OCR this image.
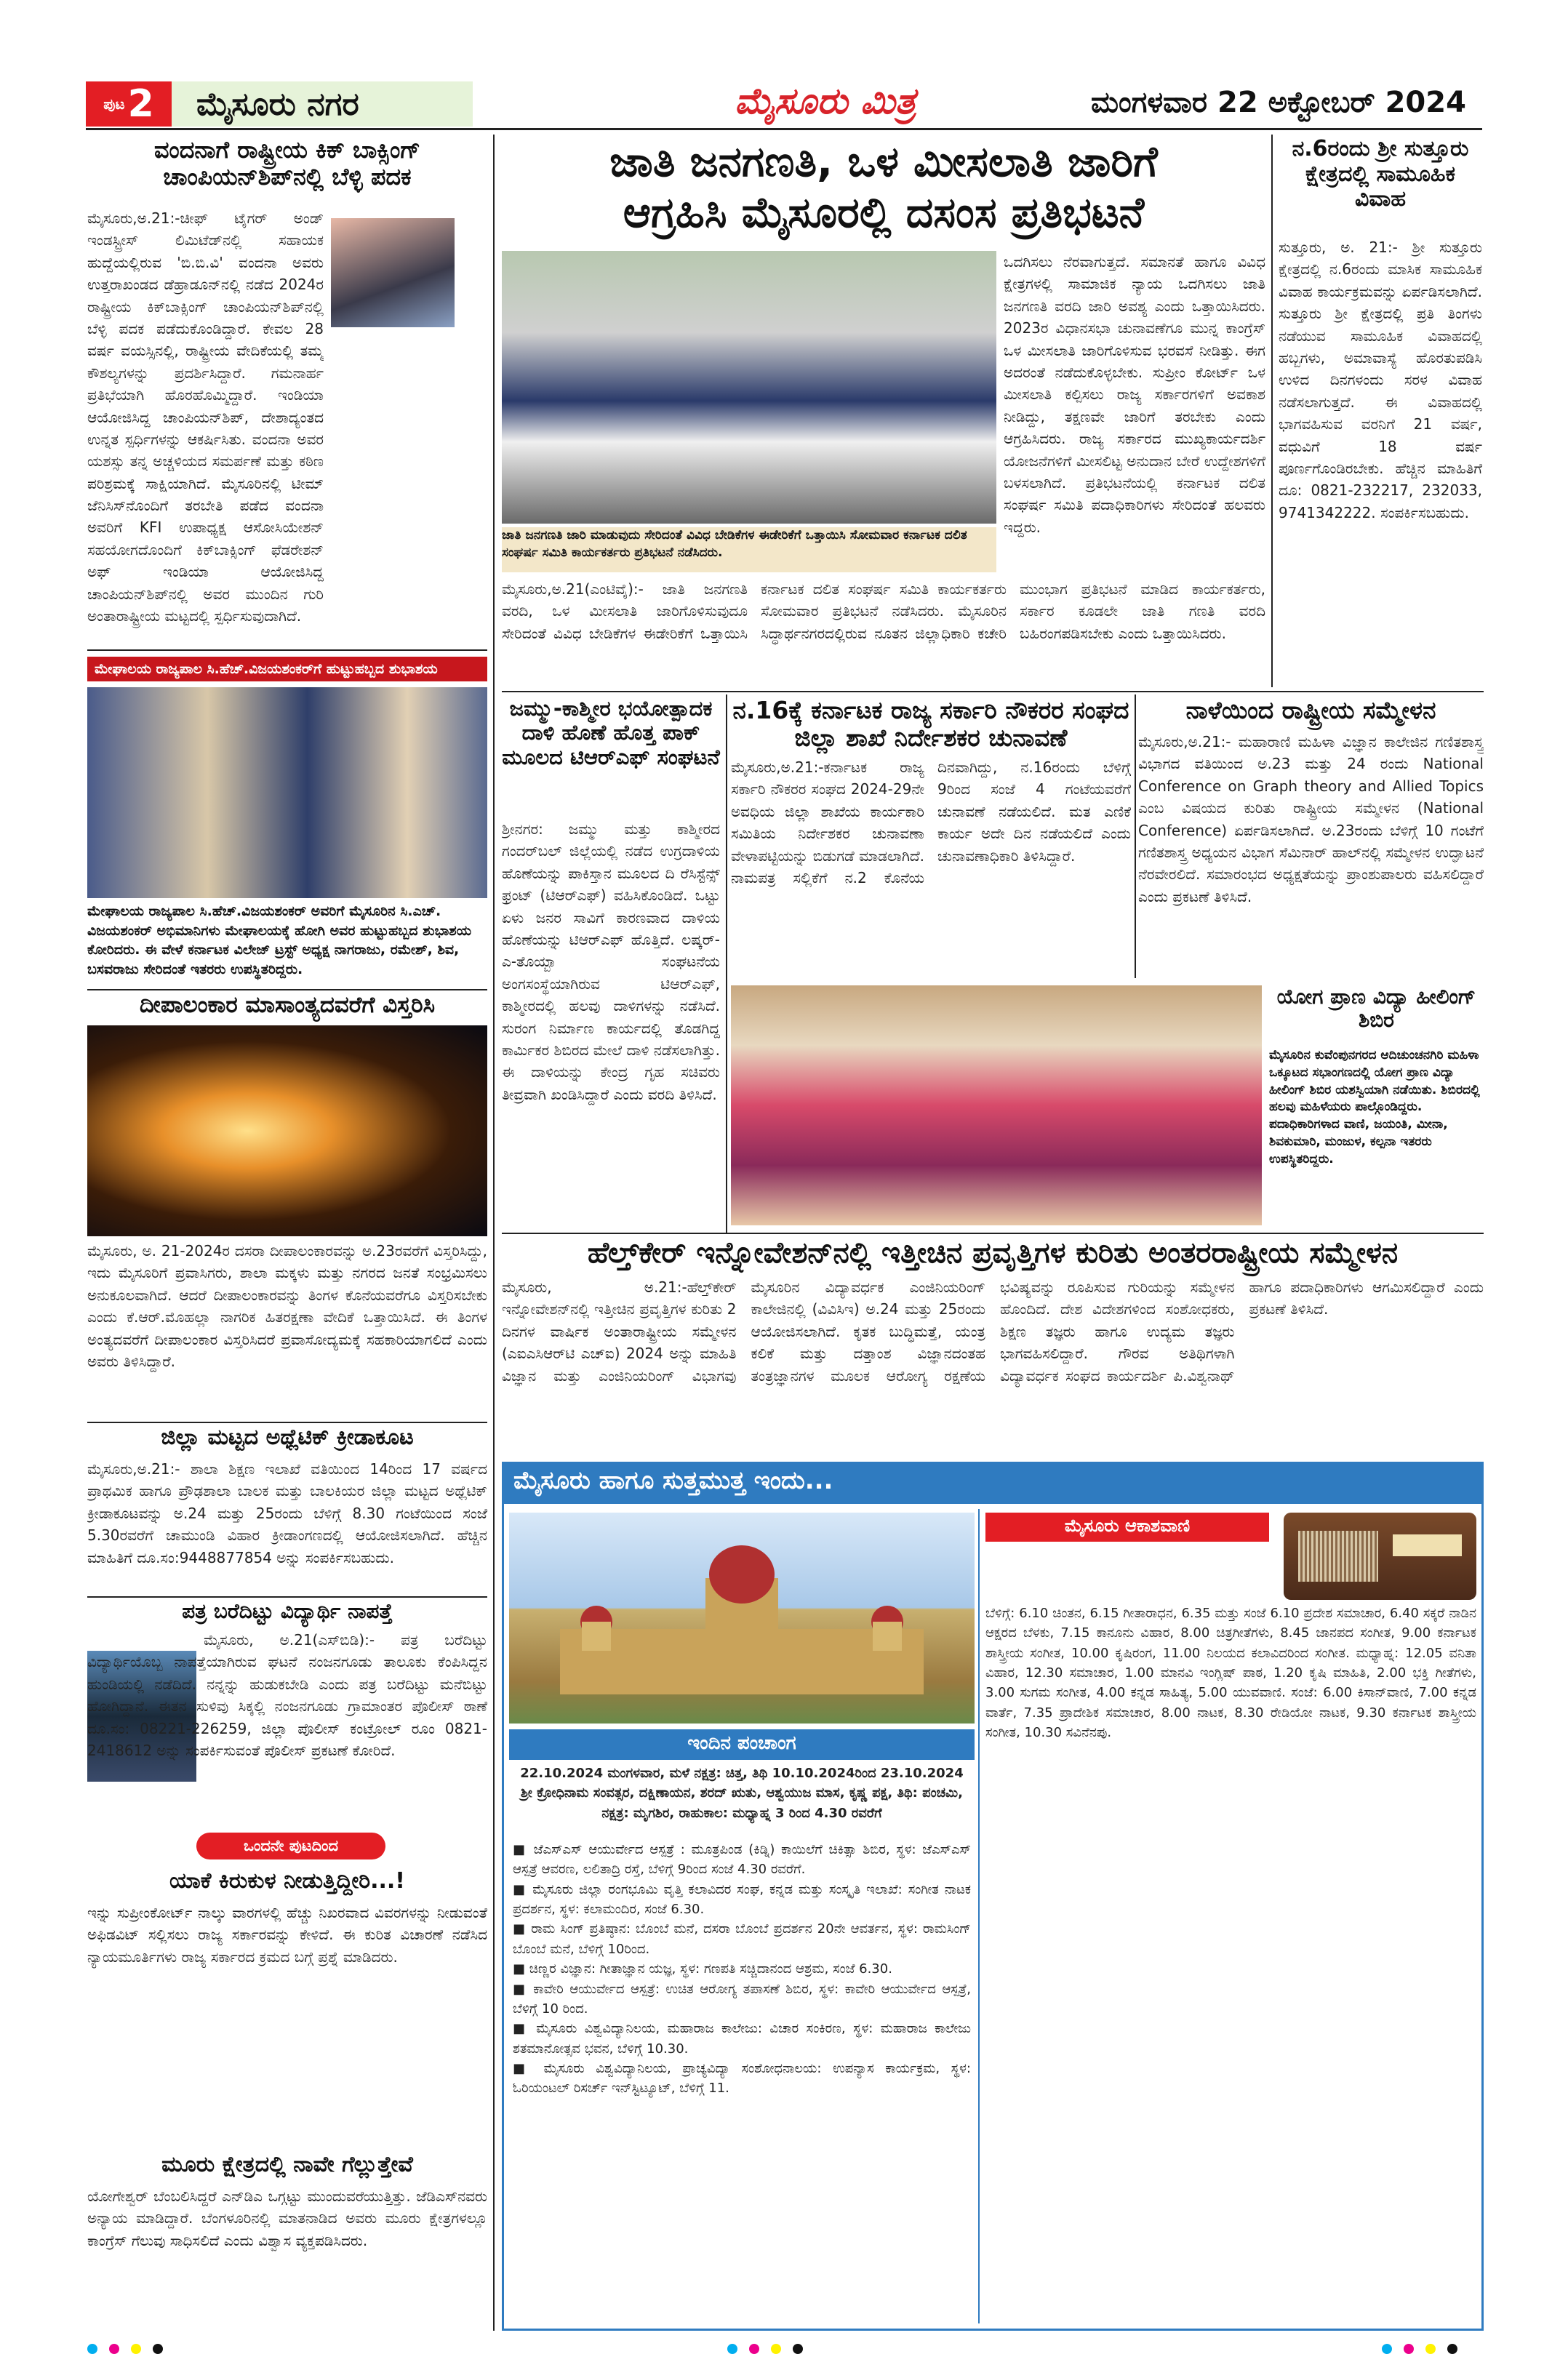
ಪುಟ 2 ಮೈಸೂರು ನಗರ	ಮೈಸೂರು ಮಿತ್ರ	ಮಂಗಳವಾರ 22 ಅಕ್ಟೋಬರ್ 2024
ವಂದನಾಗೆ ರಾಷ್ಟ್ರೀಯ ಕಿಕ್ ಬಾಕ್ಸಿಂಗ್ ಚಾಂಪಿಯನ್‌ಶಿಪ್‌ನಲ್ಲಿ ಬೆಳ್ಳಿ ಪದಕ
ಮೈಸೂರು,ಅ.21:-ಚೀಫ್ ಟೈಗರ್ ಅಂಡ್ ಇಂಡಸ್ಟ್ರೀಸ್ ಲಿಮಿಟೆಡ್‌ನಲ್ಲಿ ಸಹಾಯಕ ಹುದ್ದೆಯಲ್ಲಿರುವ 'ಬಿ.ಬಿ.ವಿ' ವಂದನಾ ಅವರು ಉತ್ತರಾಖಂಡದ ಡೆಹ್ರಾಡೂನ್‌ನಲ್ಲಿ ನಡೆದ 2024ರ ರಾಷ್ಟ್ರೀಯ ಕಿಕ್‌ಬಾಕ್ಸಿಂಗ್ ಚಾಂಪಿಯನ್‌ಶಿಪ್‌ನಲ್ಲಿ ಬೆಳ್ಳಿ ಪದಕ ಪಡೆದುಕೊಂಡಿದ್ದಾರೆ. ಕೇವಲ 28 ವರ್ಷ ವಯಸ್ಸಿನಲ್ಲಿ, ರಾಷ್ಟ್ರೀಯ ವೇದಿಕೆಯಲ್ಲಿ ತಮ್ಮ ಕೌಶಲ್ಯಗಳನ್ನು ಪ್ರದರ್ಶಿಸಿದ್ದಾರೆ. ಗಮನಾರ್ಹ ಪ್ರತಿಭೆಯಾಗಿ ಹೊರಹೊಮ್ಮಿದ್ದಾರೆ. ಇಂಡಿಯಾ ಆಯೋಜಿಸಿದ್ದ ಚಾಂಪಿಯನ್‌ಶಿಪ್, ದೇಶಾದ್ಯಂತದ ಉನ್ನತ ಸ್ಪರ್ಧಿಗಳನ್ನು ಆಕರ್ಷಿಸಿತು. ವಂದನಾ ಅವರ ಯಶಸ್ಸು ತನ್ನ ಅಚ್ಚಳಿಯದ ಸಮರ್ಪಣೆ ಮತ್ತು ಕಠಿಣ ಪರಿಶ್ರಮಕ್ಕೆ ಸಾಕ್ಷಿಯಾಗಿದೆ. ಮೈಸೂರಿನಲ್ಲಿ ಟೀಮ್ ಜೆನಿಸಿಸ್‌ನೊಂದಿಗೆ ತರಬೇತಿ ಪಡೆದ ವಂದನಾ ಅವರಿಗೆ KFI ಉಪಾಧ್ಯಕ್ಷ ಆಸೋಸಿಯೇಶನ್ ಸಹಯೋಗದೊಂದಿಗೆ ಕಿಕ್‌ಬಾಕ್ಸಿಂಗ್ ಫೆಡರೇಶನ್ ಅಫ್ ಇಂಡಿಯಾ ಆಯೋಜಿಸಿದ್ದ ಚಾಂಪಿಯನ್‌ಶಿಪ್‌ನಲ್ಲಿ ಅವರ ಮುಂದಿನ ಗುರಿ ಅಂತಾರಾಷ್ಟ್ರೀಯ ಮಟ್ಟದಲ್ಲಿ ಸ್ಪರ್ಧಿಸುವುದಾಗಿದೆ.
ಮೇಘಾಲಯ ರಾಜ್ಯಪಾಲ ಸಿ.ಹೆಚ್.ವಿಜಯಶಂಕರ್‌ಗೆ ಹುಟ್ಟುಹಬ್ಬದ ಶುಭಾಶಯ
ಮೇಘಾಲಯ ರಾಜ್ಯಪಾಲ ಸಿ.ಹೆಚ್.ವಿಜಯಶಂಕರ್ ಅವರಿಗೆ ಮೈಸೂರಿನ ಸಿ.ಎಚ್. ವಿಜಯಶಂಕರ್ ಅಭಿಮಾನಿಗಳು ಮೇಘಾಲಯಕ್ಕೆ ಹೋಗಿ ಅವರ ಹುಟ್ಟುಹಬ್ಬದ ಶುಭಾಶಯ ಕೋರಿದರು. ಈ ವೇಳೆ ಕರ್ನಾಟಕ ವಿಲೇಜ್ ಟ್ರಸ್ಟ್ ಅಧ್ಯಕ್ಷ ನಾಗರಾಜು, ರಮೇಶ್, ಶಿವ, ಬಸವರಾಜು ಸೇರಿದಂತೆ ಇತರರು ಉಪಸ್ಥಿತರಿದ್ದರು.
ದೀಪಾಲಂಕಾರ ಮಾಸಾಂತ್ಯದವರೆಗೆ ವಿಸ್ತರಿಸಿ
ಮೈಸೂರು, ಅ. 21-2024ರ ದಸರಾ ದೀಪಾಲಂಕಾರವನ್ನು ಅ.23ರವರೆಗೆ ವಿಸ್ತರಿಸಿದ್ದು, ಇದು ಮೈಸೂರಿಗೆ ಪ್ರವಾಸಿಗರು, ಶಾಲಾ ಮಕ್ಕಳು ಮತ್ತು ನಗರದ ಜನತೆ ಸಂಭ್ರಮಿಸಲು ಅನುಕೂಲವಾಗಿದೆ. ಆದರೆ ದೀಪಾಲಂಕಾರವನ್ನು ತಿಂಗಳ ಕೊನೆಯವರೆಗೂ ವಿಸ್ತರಿಸಬೇಕು ಎಂದು ಕೆ.ಆರ್.ಮೊಹಲ್ಲಾ ನಾಗರಿಕ ಹಿತರಕ್ಷಣಾ ವೇದಿಕೆ ಒತ್ತಾಯಿಸಿದೆ. ಈ ತಿಂಗಳ ಅಂತ್ಯದವರೆಗೆ ದೀಪಾಲಂಕಾರ ವಿಸ್ತರಿಸಿದರೆ ಪ್ರವಾಸೋದ್ಯಮಕ್ಕೆ ಸಹಕಾರಿಯಾಗಲಿದೆ ಎಂದು ಅವರು ತಿಳಿಸಿದ್ದಾರೆ.
ಜಿಲ್ಲಾ ಮಟ್ಟದ ಅಥ್ಲೆಟಿಕ್ ಕ್ರೀಡಾಕೂಟ
ಮೈಸೂರು,ಅ.21:- ಶಾಲಾ ಶಿಕ್ಷಣ ಇಲಾಖೆ ವತಿಯಿಂದ 14ರಿಂದ 17 ವರ್ಷದ ಪ್ರಾಥಮಿಕ ಹಾಗೂ ಪ್ರೌಢಶಾಲಾ ಬಾಲಕ ಮತ್ತು ಬಾಲಕಿಯರ ಜಿಲ್ಲಾ ಮಟ್ಟದ ಅಥ್ಲೆಟಿಕ್ ಕ್ರೀಡಾಕೂಟವನ್ನು ಅ.24 ಮತ್ತು 25ರಂದು ಬೆಳಿಗ್ಗೆ 8.30 ಗಂಟೆಯಿಂದ ಸಂಜೆ 5.30ರವರೆಗೆ ಚಾಮುಂಡಿ ವಿಹಾರ ಕ್ರೀಡಾಂಗಣದಲ್ಲಿ ಆಯೋಜಿಸಲಾಗಿದೆ. ಹೆಚ್ಚಿನ ಮಾಹಿತಿಗೆ ದೂ.ಸಂ:9448877854 ಅನ್ನು ಸಂಪರ್ಕಿಸಬಹುದು.
ಪತ್ರ ಬರೆದಿಟ್ಟು ವಿದ್ಯಾರ್ಥಿ ನಾಪತ್ತೆ
ಮೈಸೂರು, ಅ.21(ಎಸ್‌ಬಿಡಿ):- ಪತ್ರ ಬರೆದಿಟ್ಟು ವಿದ್ಯಾರ್ಥಿಯೊಬ್ಬ ನಾಪತ್ತೆಯಾಗಿರುವ ಘಟನೆ ನಂಜನಗೂಡು ತಾಲೂಕು ಕೆಂಪಿಸಿದ್ದನ ಹುಂಡಿಯಲ್ಲಿ ನಡೆದಿದೆ. ನನ್ನನ್ನು ಹುಡುಕಬೇಡಿ ಎಂದು ಪತ್ರ ಬರೆದಿಟ್ಟು ಮನೆಬಿಟ್ಟು ಹೋಗಿದ್ದಾನೆ. ಈತನ ಸುಳಿವು ಸಿಕ್ಕಲ್ಲಿ ನಂಜನಗೂಡು ಗ್ರಾಮಾಂತರ ಪೊಲೀಸ್ ಠಾಣೆ ದೂ.ಸಂ: 08221-226259, ಜಿಲ್ಲಾ ಪೊಲೀಸ್ ಕಂಟ್ರೋಲ್ ರೂಂ 0821-2418612 ಅನ್ನು ಸಂಪರ್ಕಿಸುವಂತೆ ಪೊಲೀಸ್ ಪ್ರಕಟಣೆ ಕೋರಿದೆ.
ಒಂದನೇ ಪುಟದಿಂದ
ಯಾಕೆ ಕಿರುಕುಳ ನೀಡುತ್ತಿದ್ದೀರಿ...!
ಇನ್ನು ಸುಪ್ರೀಂಕೋರ್ಟ್ ನಾಲ್ಕು ವಾರಗಳಲ್ಲಿ ಹೆಚ್ಚು ನಿಖರವಾದ ವಿವರಗಳನ್ನು ನೀಡುವಂತೆ ಅಫಿಡವಿಟ್ ಸಲ್ಲಿಸಲು ರಾಜ್ಯ ಸರ್ಕಾರವನ್ನು ಕೇಳಿದೆ. ಈ ಕುರಿತ ವಿಚಾರಣೆ ನಡೆಸಿದ ನ್ಯಾಯಮೂರ್ತಿಗಳು ರಾಜ್ಯ ಸರ್ಕಾರದ ಕ್ರಮದ ಬಗ್ಗೆ ಪ್ರಶ್ನೆ ಮಾಡಿದರು.
ಮೂರು ಕ್ಷೇತ್ರದಲ್ಲಿ ನಾವೇ ಗೆಲ್ಲುತ್ತೇವೆ
ಯೋಗೇಶ್ವರ್ ಬೆಂಬಲಿಸಿದ್ದರೆ ಎನ್‌ಡಿಎ ಒಗ್ಗಟ್ಟು ಮುಂದುವರೆಯುತ್ತಿತ್ತು. ಜೆಡಿಎಸ್‌ನವರು ಅನ್ಯಾಯ ಮಾಡಿದ್ದಾರೆ. ಬೆಂಗಳೂರಿನಲ್ಲಿ ಮಾತನಾಡಿದ ಅವರು ಮೂರು ಕ್ಷೇತ್ರಗಳಲ್ಲೂ ಕಾಂಗ್ರೆಸ್ ಗೆಲುವು ಸಾಧಿಸಲಿದೆ ಎಂದು ವಿಶ್ವಾಸ ವ್ಯಕ್ತಪಡಿಸಿದರು.
ಜಾತಿ ಜನಗಣತಿ, ಒಳ ಮೀಸಲಾತಿ ಜಾರಿಗೆ
ಆಗ್ರಹಿಸಿ ಮೈಸೂರಲ್ಲಿ ದಸಂಸ ಪ್ರತಿಭಟನೆ
ಜಾತಿ ಜನಗಣತಿ ಜಾರಿ ಮಾಡುವುದು ಸೇರಿದಂತೆ ವಿವಿಧ ಬೇಡಿಕೆಗಳ ಈಡೇರಿಕೆಗೆ ಒತ್ತಾಯಿಸಿ ಸೋಮವಾರ ಕರ್ನಾಟಕ ದಲಿತ ಸಂಘರ್ಷ ಸಮಿತಿ ಕಾರ್ಯಕರ್ತರು ಪ್ರತಿಭಟನೆ ನಡೆಸಿದರು.
ಒದಗಿಸಲು ನೆರವಾಗುತ್ತದೆ. ಸಮಾನತೆ ಹಾಗೂ ವಿವಿಧ ಕ್ಷೇತ್ರಗಳಲ್ಲಿ ಸಾಮಾಜಿಕ ನ್ಯಾಯ ಒದಗಿಸಲು ಜಾತಿ ಜನಗಣತಿ ವರದಿ ಜಾರಿ ಅವಶ್ಯ ಎಂದು ಒತ್ತಾಯಿಸಿದರು. 2023ರ ವಿಧಾನಸಭಾ ಚುನಾವಣೆಗೂ ಮುನ್ನ ಕಾಂಗ್ರೆಸ್ ಒಳ ಮೀಸಲಾತಿ ಜಾರಿಗೊಳಿಸುವ ಭರವಸೆ ನೀಡಿತ್ತು. ಈಗ ಅದರಂತೆ ನಡೆದುಕೊಳ್ಳಬೇಕು. ಸುಪ್ರೀಂ ಕೋರ್ಟ್ ಒಳ ಮೀಸಲಾತಿ ಕಲ್ಪಿಸಲು ರಾಜ್ಯ ಸರ್ಕಾರಗಳಿಗೆ ಅವಕಾಶ ನೀಡಿದ್ದು, ತಕ್ಷಣವೇ ಜಾರಿಗೆ ತರಬೇಕು ಎಂದು ಆಗ್ರಹಿಸಿದರು. ರಾಜ್ಯ ಸರ್ಕಾರದ ಮುಖ್ಯಕಾರ್ಯದರ್ಶಿ ಯೋಜನೆಗಳಿಗೆ ಮೀಸಲಿಟ್ಟ ಅನುದಾನ ಬೇರೆ ಉದ್ದೇಶಗಳಿಗೆ ಬಳಸಲಾಗಿದೆ. ಪ್ರತಿಭಟನೆಯಲ್ಲಿ ಕರ್ನಾಟಕ ದಲಿತ ಸಂಘರ್ಷ ಸಮಿತಿ ಪದಾಧಿಕಾರಿಗಳು ಸೇರಿದಂತೆ ಹಲವರು ಇದ್ದರು.
ಮೈಸೂರು,ಅ.21(ಎಂಟಿವೈ):- ಜಾತಿ ಜನಗಣತಿ ವರದಿ, ಒಳ ಮೀಸಲಾತಿ ಜಾರಿಗೊಳಿಸುವುದೂ ಸೇರಿದಂತೆ ವಿವಿಧ ಬೇಡಿಕೆಗಳ ಈಡೇರಿಕೆಗೆ ಒತ್ತಾಯಿಸಿ ಕರ್ನಾಟಕ ದಲಿತ ಸಂಘರ್ಷ ಸಮಿತಿ ಕಾರ್ಯಕರ್ತರು ಸೋಮವಾರ ಪ್ರತಿಭಟನೆ ನಡೆಸಿದರು. ಮೈಸೂರಿನ ಸಿದ್ಧಾರ್ಥನಗರದಲ್ಲಿರುವ ನೂತನ ಜಿಲ್ಲಾಧಿಕಾರಿ ಕಚೇರಿ ಮುಂಭಾಗ ಪ್ರತಿಭಟನೆ ಮಾಡಿದ ಕಾರ್ಯಕರ್ತರು, ಸರ್ಕಾರ ಕೂಡಲೇ ಜಾತಿ ಗಣತಿ ವರದಿ ಬಹಿರಂಗಪಡಿಸಬೇಕು ಎಂದು ಒತ್ತಾಯಿಸಿದರು.
ನ.6ರಂದು ಶ್ರೀ ಸುತ್ತೂರು ಕ್ಷೇತ್ರದಲ್ಲಿ ಸಾಮೂಹಿಕ ವಿವಾಹ
ಸುತ್ತೂರು, ಅ. 21:- ಶ್ರೀ ಸುತ್ತೂರು ಕ್ಷೇತ್ರದಲ್ಲಿ ನ.6ರಂದು ಮಾಸಿಕ ಸಾಮೂಹಿಕ ವಿವಾಹ ಕಾರ್ಯಕ್ರಮವನ್ನು ಏರ್ಪಡಿಸಲಾಗಿದೆ. ಸುತ್ತೂರು ಶ್ರೀ ಕ್ಷೇತ್ರದಲ್ಲಿ ಪ್ರತಿ ತಿಂಗಳು ನಡೆಯುವ ಸಾಮೂಹಿಕ ವಿವಾಹದಲ್ಲಿ ಹಬ್ಬಗಳು, ಅಮಾವಾಸ್ಯೆ ಹೊರತುಪಡಿಸಿ ಉಳಿದ ದಿನಗಳಂದು ಸರಳ ವಿವಾಹ ನಡೆಸಲಾಗುತ್ತದೆ. ಈ ವಿವಾಹದಲ್ಲಿ ಭಾಗವಹಿಸುವ ವರನಿಗೆ 21 ವರ್ಷ, ವಧುವಿಗೆ 18 ವರ್ಷ ಪೂರ್ಣಗೊಂಡಿರಬೇಕು. ಹೆಚ್ಚಿನ ಮಾಹಿತಿಗೆ ದೂ: 0821-232217, 232033, 9741342222. ಸಂಪರ್ಕಿಸಬಹುದು.
ಜಮ್ಮು-ಕಾಶ್ಮೀರ ಭಯೋತ್ಪಾದಕ ದಾಳಿ ಹೊಣೆ ಹೊತ್ತ ಪಾಕ್ ಮೂಲದ ಟಿಆರ್‌ಎಫ್ ಸಂಘಟನೆ
ಶ್ರೀನಗರ: ಜಮ್ಮು ಮತ್ತು ಕಾಶ್ಮೀರದ ಗಂದರ್‌ಬಲ್ ಜಿಲ್ಲೆಯಲ್ಲಿ ನಡೆದ ಉಗ್ರದಾಳಿಯ ಹೊಣೆಯನ್ನು ಪಾಕಿಸ್ತಾನ ಮೂಲದ ದಿ ರೆಸಿಸ್ಟೆನ್ಸ್ ಫ್ರಂಟ್ (ಟಿಆರ್‌ಎಫ್) ವಹಿಸಿಕೊಂಡಿದೆ. ಒಟ್ಟು ಏಳು ಜನರ ಸಾವಿಗೆ ಕಾರಣವಾದ ದಾಳಿಯ ಹೊಣೆಯನ್ನು ಟಿಆರ್‌ಎಫ್ ಹೊತ್ತಿದೆ. ಲಷ್ಕರ್-ಎ-ತೊಯ್ಬಾ ಸಂಘಟನೆಯ ಅಂಗಸಂಸ್ಥೆಯಾಗಿರುವ ಟಿಆರ್‌ಎಫ್, ಕಾಶ್ಮೀರದಲ್ಲಿ ಹಲವು ದಾಳಿಗಳನ್ನು ನಡೆಸಿದೆ. ಸುರಂಗ ನಿರ್ಮಾಣ ಕಾರ್ಯದಲ್ಲಿ ತೊಡಗಿದ್ದ ಕಾರ್ಮಿಕರ ಶಿಬಿರದ ಮೇಲೆ ದಾಳಿ ನಡೆಸಲಾಗಿತ್ತು. ಈ ದಾಳಿಯನ್ನು ಕೇಂದ್ರ ಗೃಹ ಸಚಿವರು ತೀವ್ರವಾಗಿ ಖಂಡಿಸಿದ್ದಾರೆ ಎಂದು ವರದಿ ತಿಳಿಸಿದೆ.
ನ.16ಕ್ಕೆ ಕರ್ನಾಟಕ ರಾಜ್ಯ ಸರ್ಕಾರಿ ನೌಕರರ ಸಂಘದ ಜಿಲ್ಲಾ ಶಾಖೆ ನಿರ್ದೇಶಕರ ಚುನಾವಣೆ
ಮೈಸೂರು,ಅ.21:-ಕರ್ನಾಟಕ ರಾಜ್ಯ ಸರ್ಕಾರಿ ನೌಕರರ ಸಂಘದ 2024-29ನೇ ಅವಧಿಯ ಜಿಲ್ಲಾ ಶಾಖೆಯ ಕಾರ್ಯಕಾರಿ ಸಮಿತಿಯ ನಿರ್ದೇಶಕರ ಚುನಾವಣಾ ವೇಳಾಪಟ್ಟಿಯನ್ನು ಬಿಡುಗಡೆ ಮಾಡಲಾಗಿದೆ. ನಾಮಪತ್ರ ಸಲ್ಲಿಕೆಗೆ ನ.2 ಕೊನೆಯ ದಿನವಾಗಿದ್ದು, ನ.16ರಂದು ಬೆಳಿಗ್ಗೆ 9ರಿಂದ ಸಂಜೆ 4 ಗಂಟೆಯವರೆಗೆ ಚುನಾವಣೆ ನಡೆಯಲಿದೆ. ಮತ ಎಣಿಕೆ ಕಾರ್ಯ ಅದೇ ದಿನ ನಡೆಯಲಿದೆ ಎಂದು ಚುನಾವಣಾಧಿಕಾರಿ ತಿಳಿಸಿದ್ದಾರೆ.
ನಾಳೆಯಿಂದ ರಾಷ್ಟ್ರೀಯ ಸಮ್ಮೇಳನ
ಮೈಸೂರು,ಅ.21:- ಮಹಾರಾಣಿ ಮಹಿಳಾ ವಿಜ್ಞಾನ ಕಾಲೇಜಿನ ಗಣಿತಶಾಸ್ತ್ರ ವಿಭಾಗದ ವತಿಯಿಂದ ಅ.23 ಮತ್ತು 24 ರಂದು National Conference on Graph theory and Allied Topics ಎಂಬ ವಿಷಯದ ಕುರಿತು ರಾಷ್ಟ್ರೀಯ ಸಮ್ಮೇಳನ (National Conference) ಏರ್ಪಡಿಸಲಾಗಿದೆ. ಅ.23ರಂದು ಬೆಳಿಗ್ಗೆ 10 ಗಂಟೆಗೆ ಗಣಿತಶಾಸ್ತ್ರ ಅಧ್ಯಯನ ವಿಭಾಗ ಸೆಮಿನಾರ್ ಹಾಲ್‌ನಲ್ಲಿ ಸಮ್ಮೇಳನ ಉದ್ಘಾಟನೆ ನೆರವೇರಲಿದೆ. ಸಮಾರಂಭದ ಅಧ್ಯಕ್ಷತೆಯನ್ನು ಪ್ರಾಂಶುಪಾಲರು ವಹಿಸಲಿದ್ದಾರೆ ಎಂದು ಪ್ರಕಟಣೆ ತಿಳಿಸಿದೆ.
ಯೋಗ ಪ್ರಾಣ ವಿದ್ಯಾ ಹೀಲಿಂಗ್ ಶಿಬಿರ
ಮೈಸೂರಿನ ಕುವೆಂಪುನಗರದ ಆದಿಚುಂಚನಗಿರಿ ಮಹಿಳಾ ಒಕ್ಕೂಟದ ಸಭಾಂಗಣದಲ್ಲಿ ಯೋಗ ಪ್ರಾಣ ವಿದ್ಯಾ ಹೀಲಿಂಗ್ ಶಿಬಿರ ಯಶಸ್ವಿಯಾಗಿ ನಡೆಯಿತು. ಶಿಬಿರದಲ್ಲಿ ಹಲವು ಮಹಿಳೆಯರು ಪಾಲ್ಗೊಂಡಿದ್ದರು. ಪದಾಧಿಕಾರಿಗಳಾದ ವಾಣಿ, ಜಯಂತಿ, ಮೀನಾ, ಶಿವಕುಮಾರಿ, ಮಂಜುಳ, ಕಲ್ಪನಾ ಇತರರು ಉಪಸ್ಥಿತರಿದ್ದರು.
ಹೆಲ್ತ್‌ಕೇರ್ ಇನ್ನೋವೇಶನ್‌ನಲ್ಲಿ ಇತ್ತೀಚಿನ ಪ್ರವೃತ್ತಿಗಳ ಕುರಿತು ಅಂತರರಾಷ್ಟ್ರೀಯ ಸಮ್ಮೇಳನ
ಮೈಸೂರು, ಅ.21:-ಹೆಲ್ತ್‌ಕೇರ್ ಇನ್ನೋವೇಶನ್‌ನಲ್ಲಿ ಇತ್ತೀಚಿನ ಪ್ರವೃತ್ತಿಗಳ ಕುರಿತು 2 ದಿನಗಳ ವಾರ್ಷಿಕ ಅಂತಾರಾಷ್ಟ್ರೀಯ ಸಮ್ಮೇಳನ (ಎಐಎಸಿಆರ್‌ಟಿ ಎಚ್‌ಐ) 2024 ಅನ್ನು ಮಾಹಿತಿ ವಿಜ್ಞಾನ ಮತ್ತು ಎಂಜಿನಿಯರಿಂಗ್ ವಿಭಾಗವು ಮೈಸೂರಿನ ವಿದ್ಯಾವರ್ಧಕ ಎಂಜಿನಿಯರಿಂಗ್ ಕಾಲೇಜಿನಲ್ಲಿ (ವಿವಿಸಿಇ) ಅ.24 ಮತ್ತು 25ರಂದು ಆಯೋಜಿಸಲಾಗಿದೆ. ಕೃತಕ ಬುದ್ಧಿಮತ್ತೆ, ಯಂತ್ರ ಕಲಿಕೆ ಮತ್ತು ದತ್ತಾಂಶ ವಿಜ್ಞಾನದಂತಹ ತಂತ್ರಜ್ಞಾನಗಳ ಮೂಲಕ ಆರೋಗ್ಯ ರಕ್ಷಣೆಯ ಭವಿಷ್ಯವನ್ನು ರೂಪಿಸುವ ಗುರಿಯನ್ನು ಸಮ್ಮೇಳನ ಹೊಂದಿದೆ. ದೇಶ ವಿದೇಶಗಳಿಂದ ಸಂಶೋಧಕರು, ಶಿಕ್ಷಣ ತಜ್ಞರು ಹಾಗೂ ಉದ್ಯಮ ತಜ್ಞರು ಭಾಗವಹಿಸಲಿದ್ದಾರೆ. ಗೌರವ ಅತಿಥಿಗಳಾಗಿ ವಿದ್ಯಾವರ್ಧಕ ಸಂಘದ ಕಾರ್ಯದರ್ಶಿ ಪಿ.ವಿಶ್ವನಾಥ್ ಹಾಗೂ ಪದಾಧಿಕಾರಿಗಳು ಆಗಮಿಸಲಿದ್ದಾರೆ ಎಂದು ಪ್ರಕಟಣೆ ತಿಳಿಸಿದೆ.
ಮೈಸೂರು ಹಾಗೂ ಸುತ್ತಮುತ್ತ ಇಂದು...
ಇಂದಿನ ಪಂಚಾಂಗ
22.10.2024 ಮಂಗಳವಾರ, ಮಳೆ ನಕ್ಷತ್ರ: ಚಿತ್ತ, ತಿಥಿ 10.10.2024ರಿಂದ 23.10.2024 ಶ್ರೀ ಕ್ರೋಧಿನಾಮ ಸಂವತ್ಸರ, ದಕ್ಷಿಣಾಯನ, ಶರದ್ ಋತು, ಆಶ್ವಯುಜ ಮಾಸ, ಕೃಷ್ಣ ಪಕ್ಷ, ತಿಥಿ: ಪಂಚಮಿ, ನಕ್ಷತ್ರ: ಮೃಗಶಿರ, ರಾಹುಕಾಲ: ಮಧ್ಯಾಹ್ನ 3 ರಿಂದ 4.30 ರವರೆಗೆ
■ ಜೆಎಸ್‌ಎಸ್ ಆಯುರ್ವೇದ ಆಸ್ಪತ್ರೆ : ಮೂತ್ರಪಿಂಡ (ಕಿಡ್ನಿ) ಕಾಯಿಲೆಗೆ ಚಿಕಿತ್ಸಾ ಶಿಬಿರ, ಸ್ಥಳ: ಜೆಎಸ್ಎಸ್ ಆಸ್ಪತ್ರೆ ಆವರಣ, ಲಲಿತಾದ್ರಿ ರಸ್ತೆ, ಬೆಳಿಗ್ಗೆ 9ರಿಂದ ಸಂಜೆ 4.30 ರವರೆಗೆ.
■ ಮೈಸೂರು ಜಿಲ್ಲಾ ರಂಗಭೂಮಿ ವೃತ್ತಿ ಕಲಾವಿದರ ಸಂಘ, ಕನ್ನಡ ಮತ್ತು ಸಂಸ್ಕೃತಿ ಇಲಾಖೆ: ಸಂಗೀತ ನಾಟಕ ಪ್ರದರ್ಶನ, ಸ್ಥಳ: ಕಲಾಮಂದಿರ, ಸಂಜೆ 6.30.
■ ರಾಮ ಸಿಂಗ್ ಪ್ರತಿಷ್ಠಾನ: ಬೊಂಬೆ ಮನೆ, ದಸರಾ ಬೊಂಬೆ ಪ್ರದರ್ಶನ 20ನೇ ಆವರ್ತನ, ಸ್ಥಳ: ರಾಮಸಿಂಗ್ ಬೊಂಬೆ ಮನೆ, ಬೆಳಿಗ್ಗೆ 10ರಿಂದ.
■ ಚಿಣ್ಣರ ವಿಜ್ಞಾನ: ಗೀತಾಜ್ಞಾನ ಯಜ್ಞ, ಸ್ಥಳ: ಗಣಪತಿ ಸಚ್ಚಿದಾನಂದ ಆಶ್ರಮ, ಸಂಜೆ 6.30.
■ ಕಾವೇರಿ ಆಯುರ್ವೇದ ಆಸ್ಪತ್ರೆ: ಉಚಿತ ಆರೋಗ್ಯ ತಪಾಸಣೆ ಶಿಬಿರ, ಸ್ಥಳ: ಕಾವೇರಿ ಆಯುರ್ವೇದ ಆಸ್ಪತ್ರೆ, ಬೆಳಿಗ್ಗೆ 10 ರಿಂದ.
■ ಮೈಸೂರು ವಿಶ್ವವಿದ್ಯಾನಿಲಯ, ಮಹಾರಾಜ ಕಾಲೇಜು: ವಿಚಾರ ಸಂಕಿರಣ, ಸ್ಥಳ: ಮಹಾರಾಜ ಕಾಲೇಜು ಶತಮಾನೋತ್ಸವ ಭವನ, ಬೆಳಿಗ್ಗೆ 10.30.
■ ಮೈಸೂರು ವಿಶ್ವವಿದ್ಯಾನಿಲಯ, ಪ್ರಾಚ್ಯವಿದ್ಯಾ ಸಂಶೋಧನಾಲಯ: ಉಪನ್ಯಾಸ ಕಾರ್ಯಕ್ರಮ, ಸ್ಥಳ: ಓರಿಯಂಟಲ್ ರಿಸರ್ಚ್ ಇನ್‌ಸ್ಟಿಟ್ಯೂಟ್, ಬೆಳಿಗ್ಗೆ 11.
ಮೈಸೂರು ಆಕಾಶವಾಣಿ
ಬೆಳಿಗ್ಗೆ: 6.10 ಚಿಂತನ, 6.15 ಗೀತಾರಾಧನ, 6.35 ಮತ್ತು ಸಂಜೆ 6.10 ಪ್ರದೇಶ ಸಮಾಚಾರ, 6.40 ಸಕ್ಕರೆ ನಾಡಿನ ಆಕ್ಷರದ ಬೆಳಕು, 7.15 ಕಾನೂನು ವಿಹಾರ, 8.00 ಚಿತ್ರಗೀತೆಗಳು, 8.45 ಜಾನಪದ ಸಂಗೀತ, 9.00 ಕರ್ನಾಟಕ ಶಾಸ್ತ್ರೀಯ ಸಂಗೀತ, 10.00 ಕೃಷಿರಂಗ, 11.00 ನಿಲಯದ ಕಲಾವಿದರಿಂದ ಸಂಗೀತ. ಮಧ್ಯಾಹ್ನ: 12.05 ವನಿತಾ ವಿಹಾರ, 12.30 ಸಮಾಚಾರ, 1.00 ಮಾನವಿ ಇಂಗ್ಲಿಷ್ ಪಾಠ, 1.20 ಕೃಷಿ ಮಾಹಿತಿ, 2.00 ಭಕ್ತಿ ಗೀತೆಗಳು, 3.00 ಸುಗಮ ಸಂಗೀತ, 4.00 ಕನ್ನಡ ಸಾಹಿತ್ಯ, 5.00 ಯುವವಾಣಿ. ಸಂಜೆ: 6.00 ಕಿಸಾನ್‌ವಾಣಿ, 7.00 ಕನ್ನಡ ವಾರ್ತೆ, 7.35 ಪ್ರಾದೇಶಿಕ ಸಮಾಚಾರ, 8.00 ನಾಟಕ, 8.30 ರೇಡಿಯೋ ನಾಟಕ, 9.30 ಕರ್ನಾಟಕ ಶಾಸ್ತ್ರೀಯ ಸಂಗೀತ, 10.30 ಸವಿನೆನಪು.
